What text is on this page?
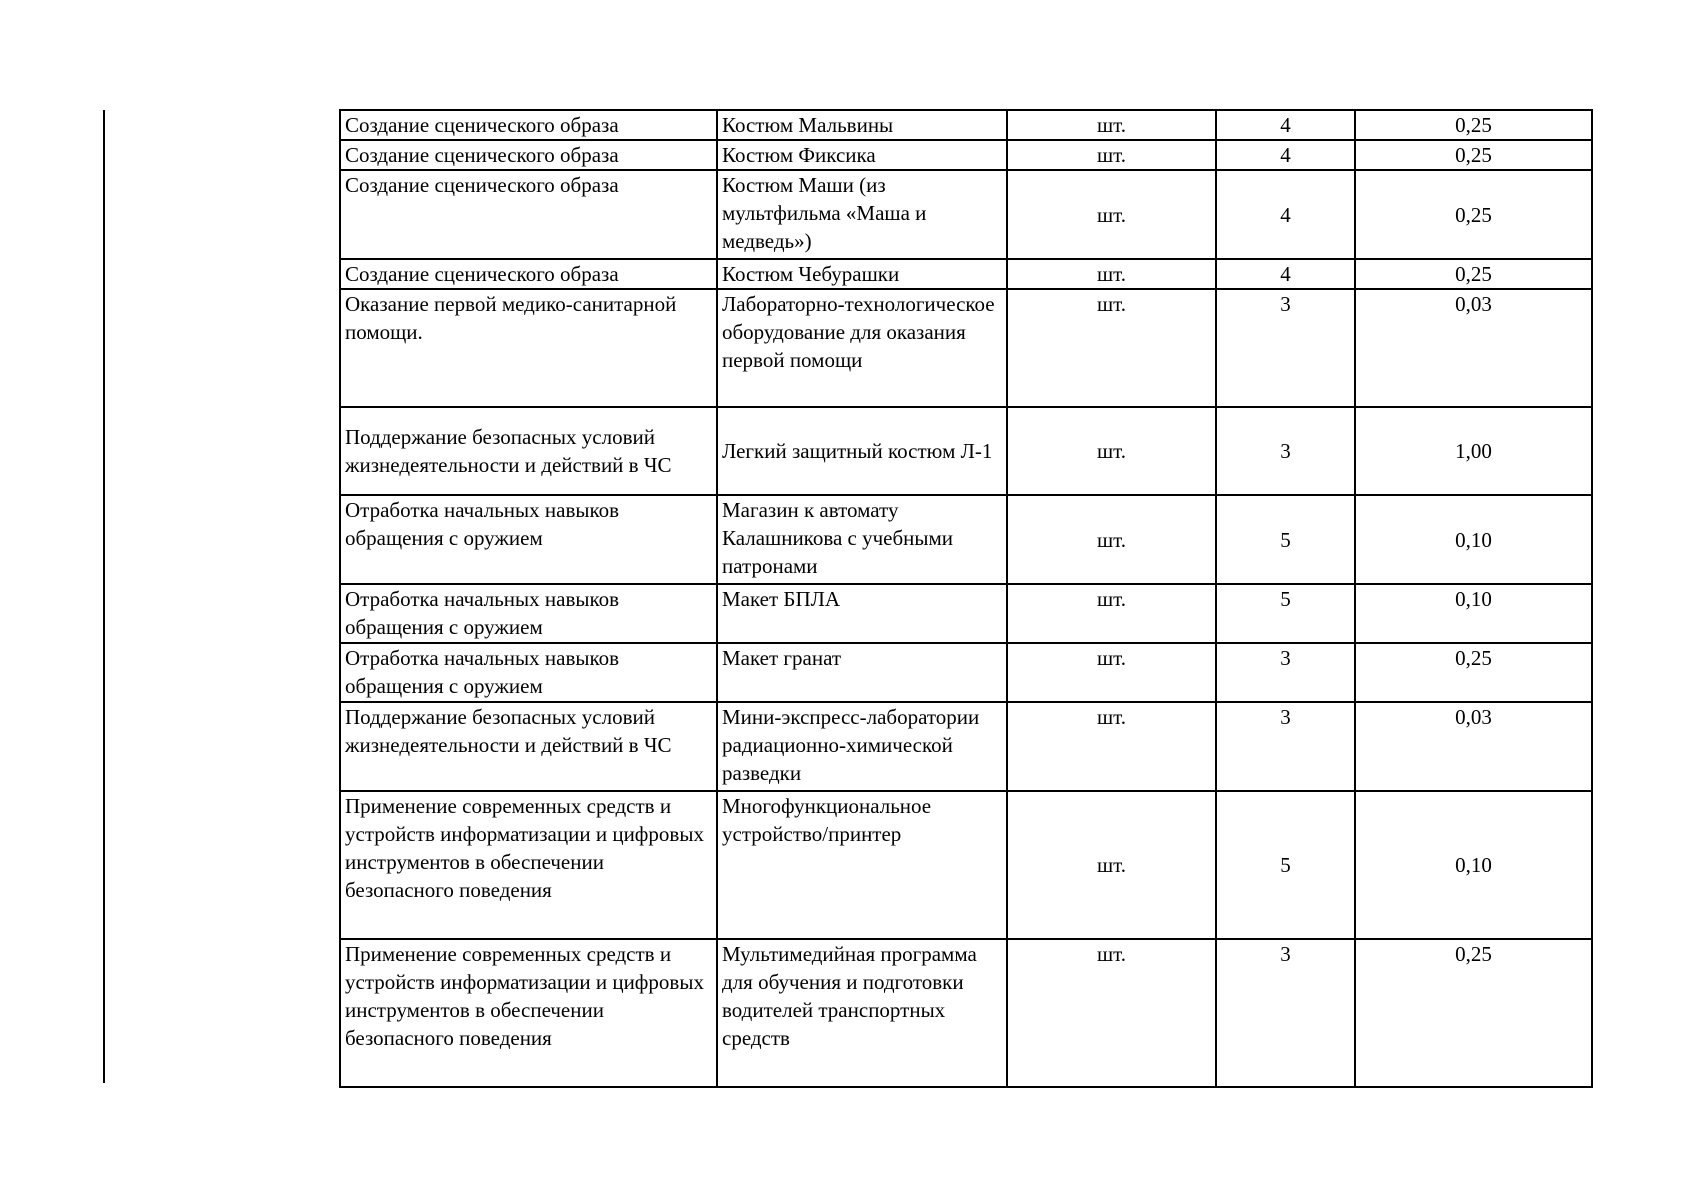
Создание сценического образа	Костюм Мальвины	шт.	4	0,25
Создание сценического образа	Костюм Фиксика	шт.	4	0,25
Создание сценического образа	Костюм Маши (из мультфильма «Маша и медведь»)	шт.	4	0,25
Создание сценического образа	Костюм Чебурашки	шт.	4	0,25
Оказание первой медико-санитарной помощи.	Лабораторно-технологическое оборудование для оказания первой помощи	шт.	3	0,03
Поддержание безопасных условий жизнедеятельности и действий в ЧС	Легкий защитный костюм Л-1	шт.	3	1,00
Отработка начальных навыков обращения с оружием	Магазин к автомату Калашникова с учебными патронами	шт.	5	0,10
Отработка начальных навыков обращения с оружием	Макет БПЛА	шт.	5	0,10
Отработка начальных навыков обращения с оружием	Макет гранат	шт.	3	0,25
Поддержание безопасных условий жизнедеятельности и действий в ЧС	Мини-экспресс-лаборатории радиационно-химической разведки	шт.	3	0,03
Применение современных средств и устройств информатизации и цифровых инструментов в обеспечении безопасного поведения	Многофункциональное устройство/принтер	шт.	5	0,10
Применение современных средств и устройств информатизации и цифровых инструментов в обеспечении безопасного поведения	Мультимедийная программа для обучения и подготовки водителей транспортных средств	шт.	3	0,25
